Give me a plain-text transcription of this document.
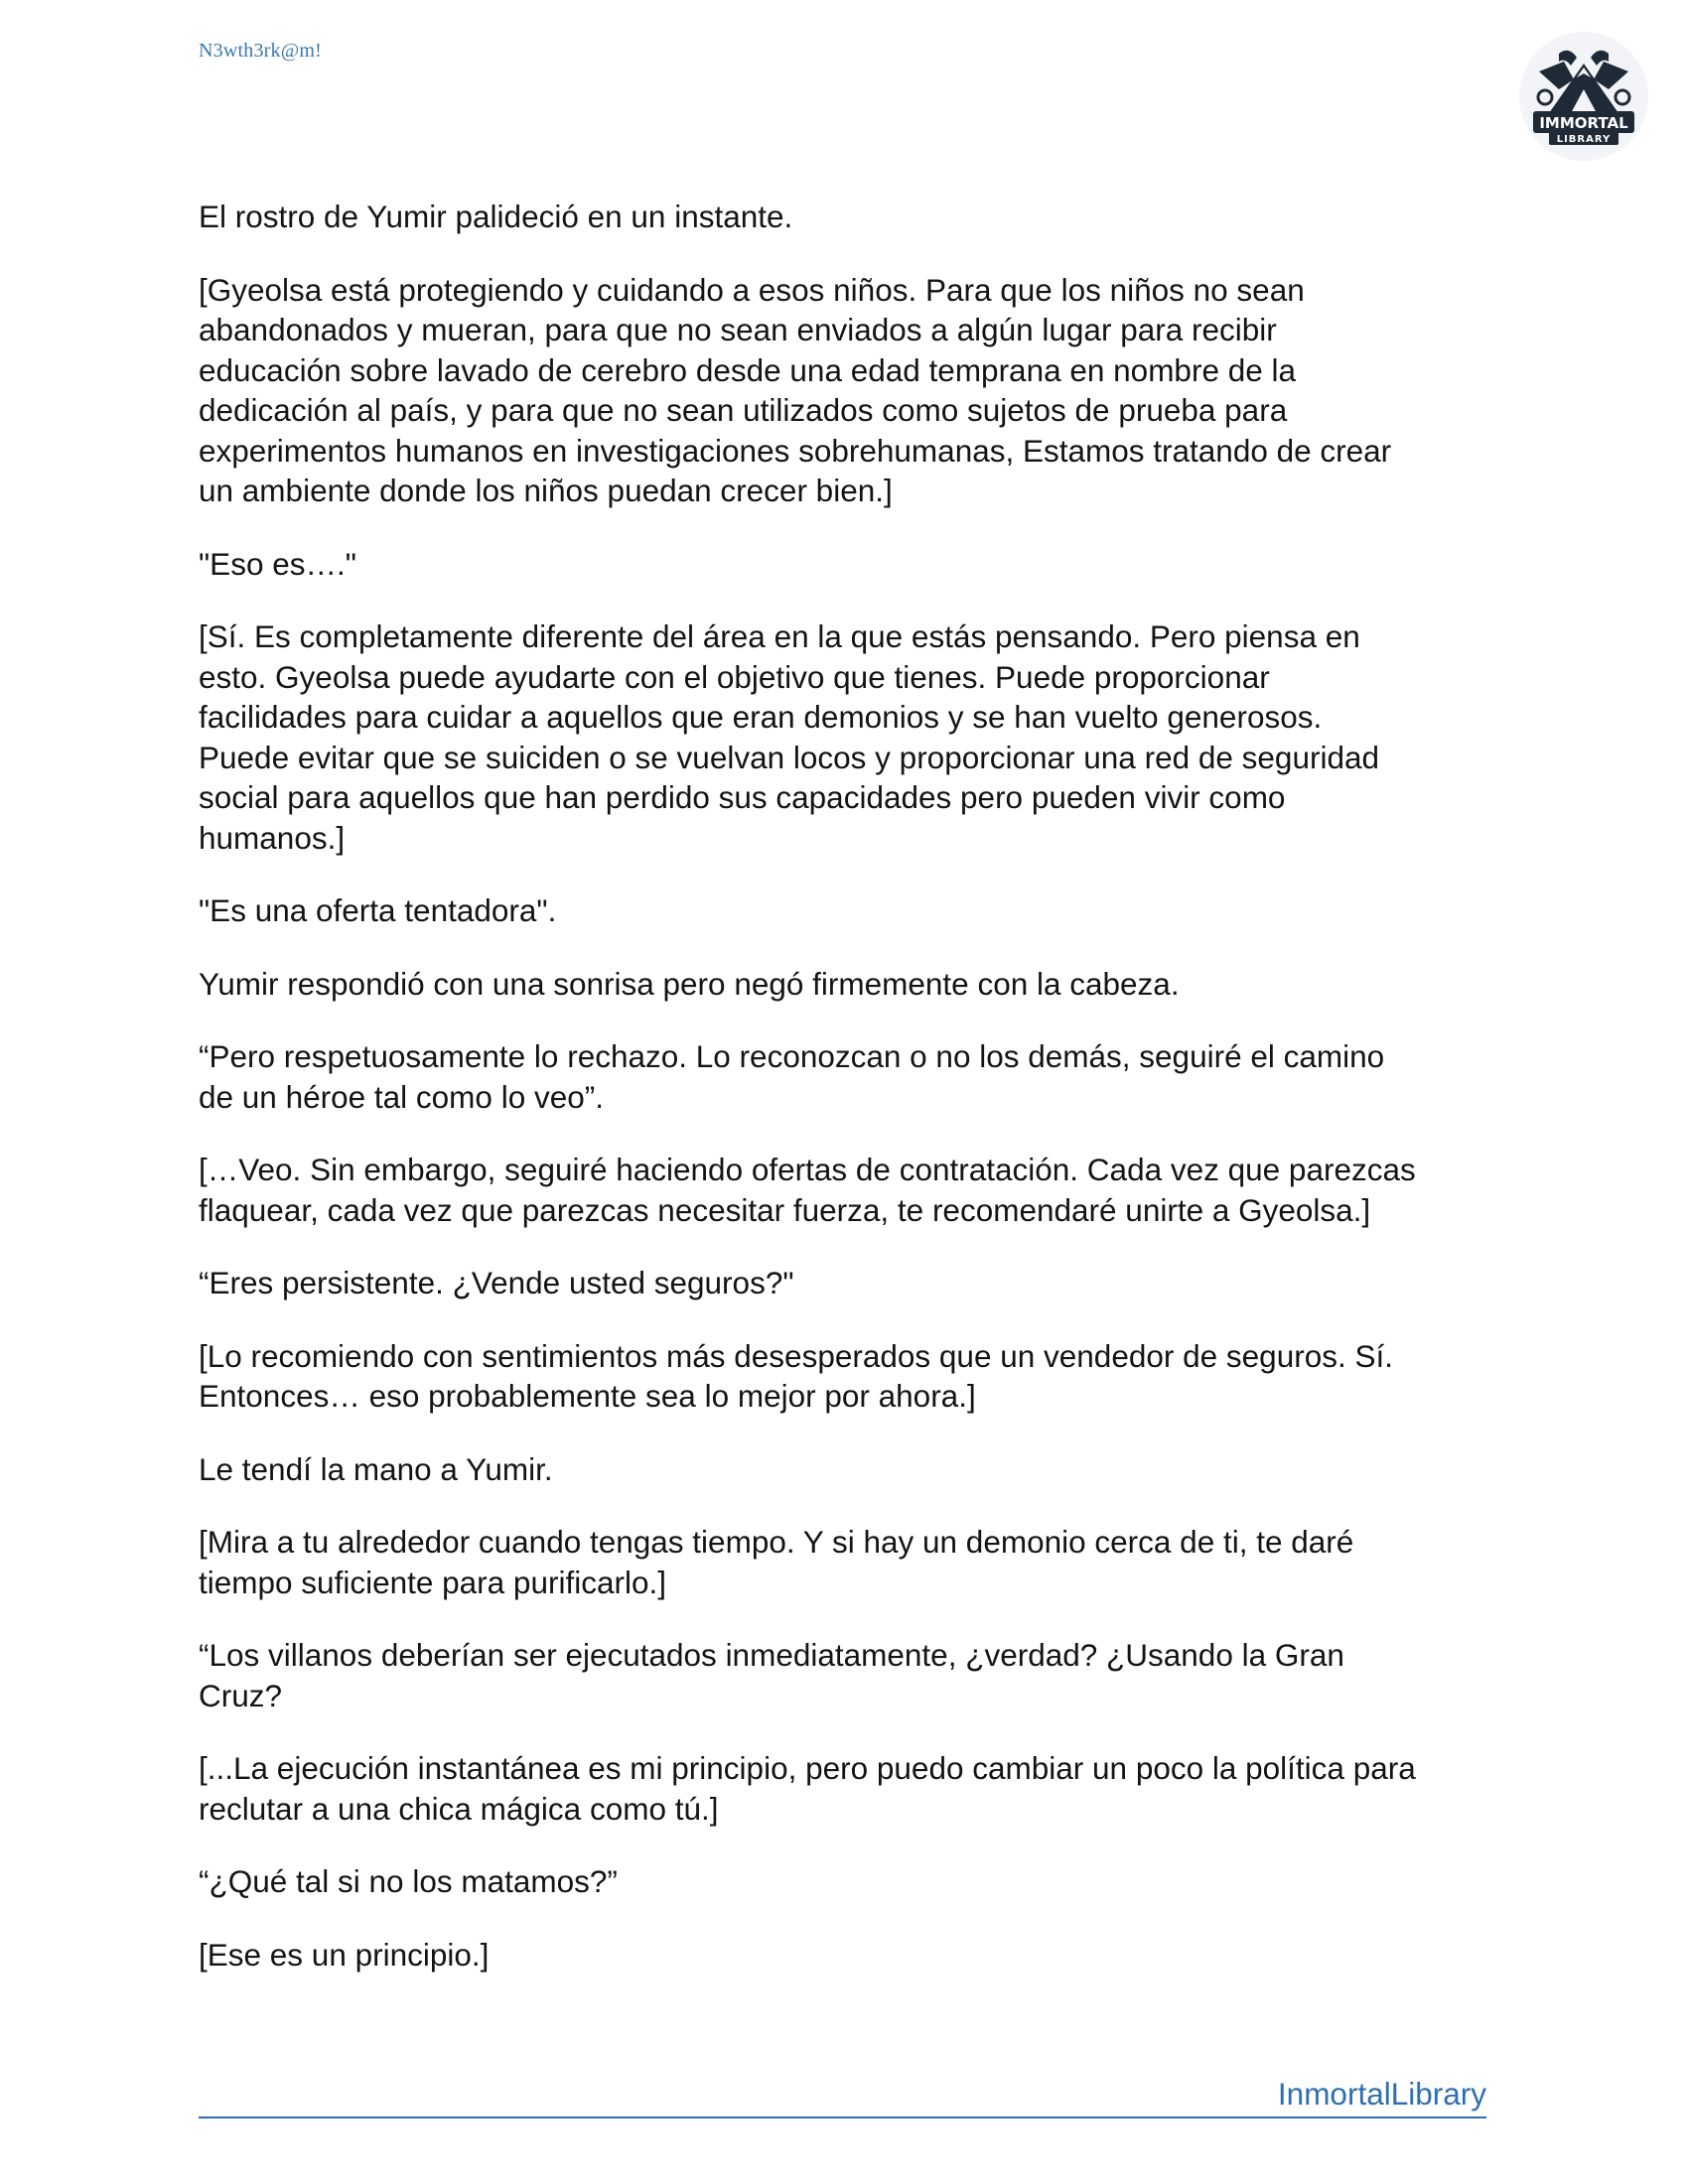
N3wth3rk@m!
IMMORTAL
LIBRARY

El rostro de Yumir palideció en un instante.

[Gyeolsa está protegiendo y cuidando a esos niños. Para que los niños no sean
abandonados y mueran, para que no sean enviados a algún lugar para recibir
educación sobre lavado de cerebro desde una edad temprana en nombre de la
dedicación al país, y para que no sean utilizados como sujetos de prueba para
experimentos humanos en investigaciones sobrehumanas, Estamos tratando de crear
un ambiente donde los niños puedan crecer bien.]

"Eso es…."

[Sí. Es completamente diferente del área en la que estás pensando. Pero piensa en
esto. Gyeolsa puede ayudarte con el objetivo que tienes. Puede proporcionar
facilidades para cuidar a aquellos que eran demonios y se han vuelto generosos.
Puede evitar que se suiciden o se vuelvan locos y proporcionar una red de seguridad
social para aquellos que han perdido sus capacidades pero pueden vivir como
humanos.]

"Es una oferta tentadora".

Yumir respondió con una sonrisa pero negó firmemente con la cabeza.

“Pero respetuosamente lo rechazo. Lo reconozcan o no los demás, seguiré el camino
de un héroe tal como lo veo”.

[…Veo. Sin embargo, seguiré haciendo ofertas de contratación. Cada vez que parezcas
flaquear, cada vez que parezcas necesitar fuerza, te recomendaré unirte a Gyeolsa.]

“Eres persistente. ¿Vende usted seguros?"

[Lo recomiendo con sentimientos más desesperados que un vendedor de seguros. Sí.
Entonces… eso probablemente sea lo mejor por ahora.]

Le tendí la mano a Yumir.

[Mira a tu alrededor cuando tengas tiempo. Y si hay un demonio cerca de ti, te daré
tiempo suficiente para purificarlo.]

“Los villanos deberían ser ejecutados inmediatamente, ¿verdad? ¿Usando la Gran
Cruz?

[...La ejecución instantánea es mi principio, pero puedo cambiar un poco la política para
reclutar a una chica mágica como tú.]

“¿Qué tal si no los matamos?”

[Ese es un principio.]

InmortalLibrary
